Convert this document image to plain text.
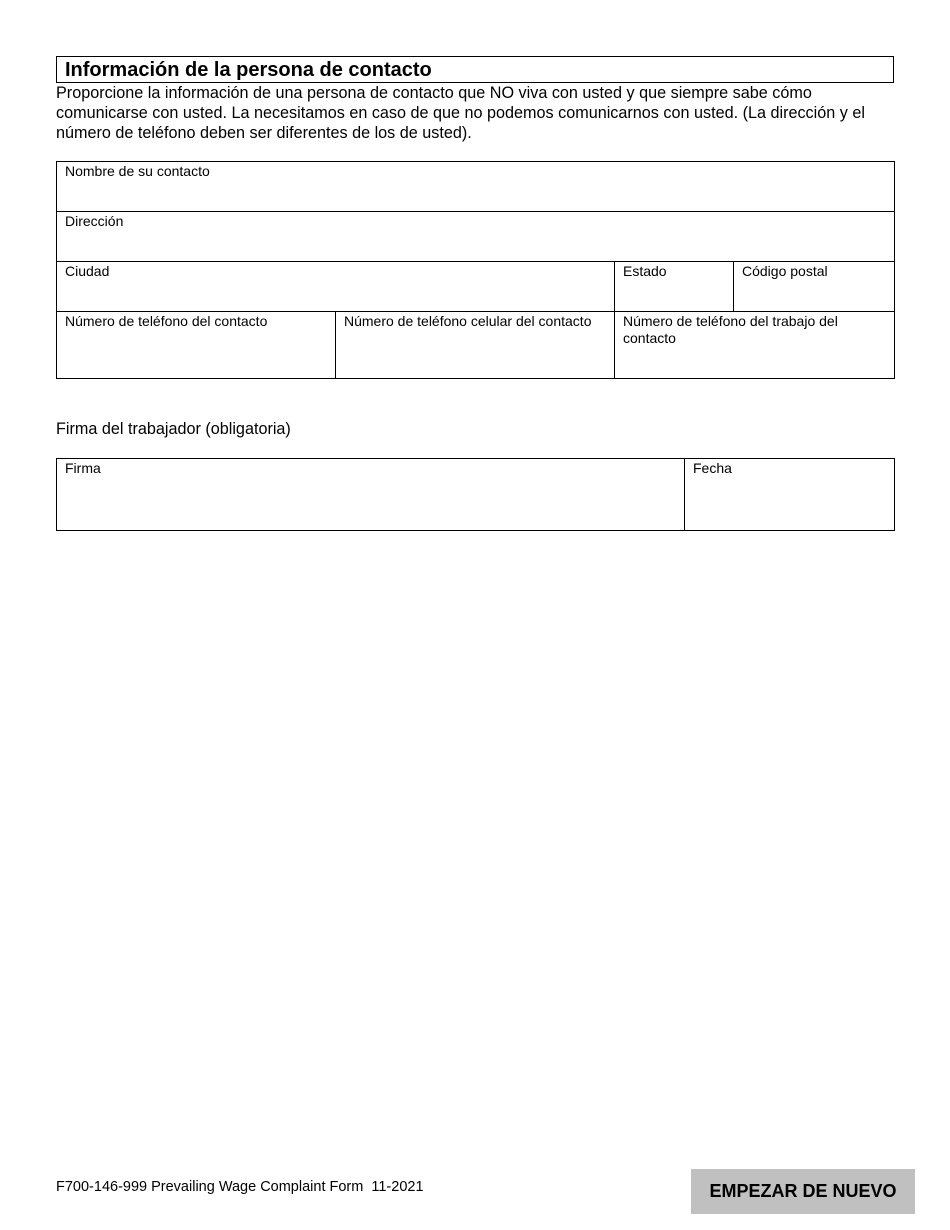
Información de la persona de contacto

Proporcione la información de una persona de contacto que NO viva con usted y que siempre sabe cómo comunicarse con usted. La necesitamos en caso de que no podemos comunicarnos con usted. (La dirección y el número de teléfono deben ser diferentes de los de usted).

Nombre de su contacto			

Dirección			

Ciudad		Estado	Código postal

Número de teléfono del contacto	Número de teléfono celular del contacto	Número de teléfono del trabajo del contacto	
Firma del trabajador (obligatoria)
Firma	Fecha
F700-146-999 Prevailing Wage Complaint Form  11-2021	EMPEZAR DE NUEVO
